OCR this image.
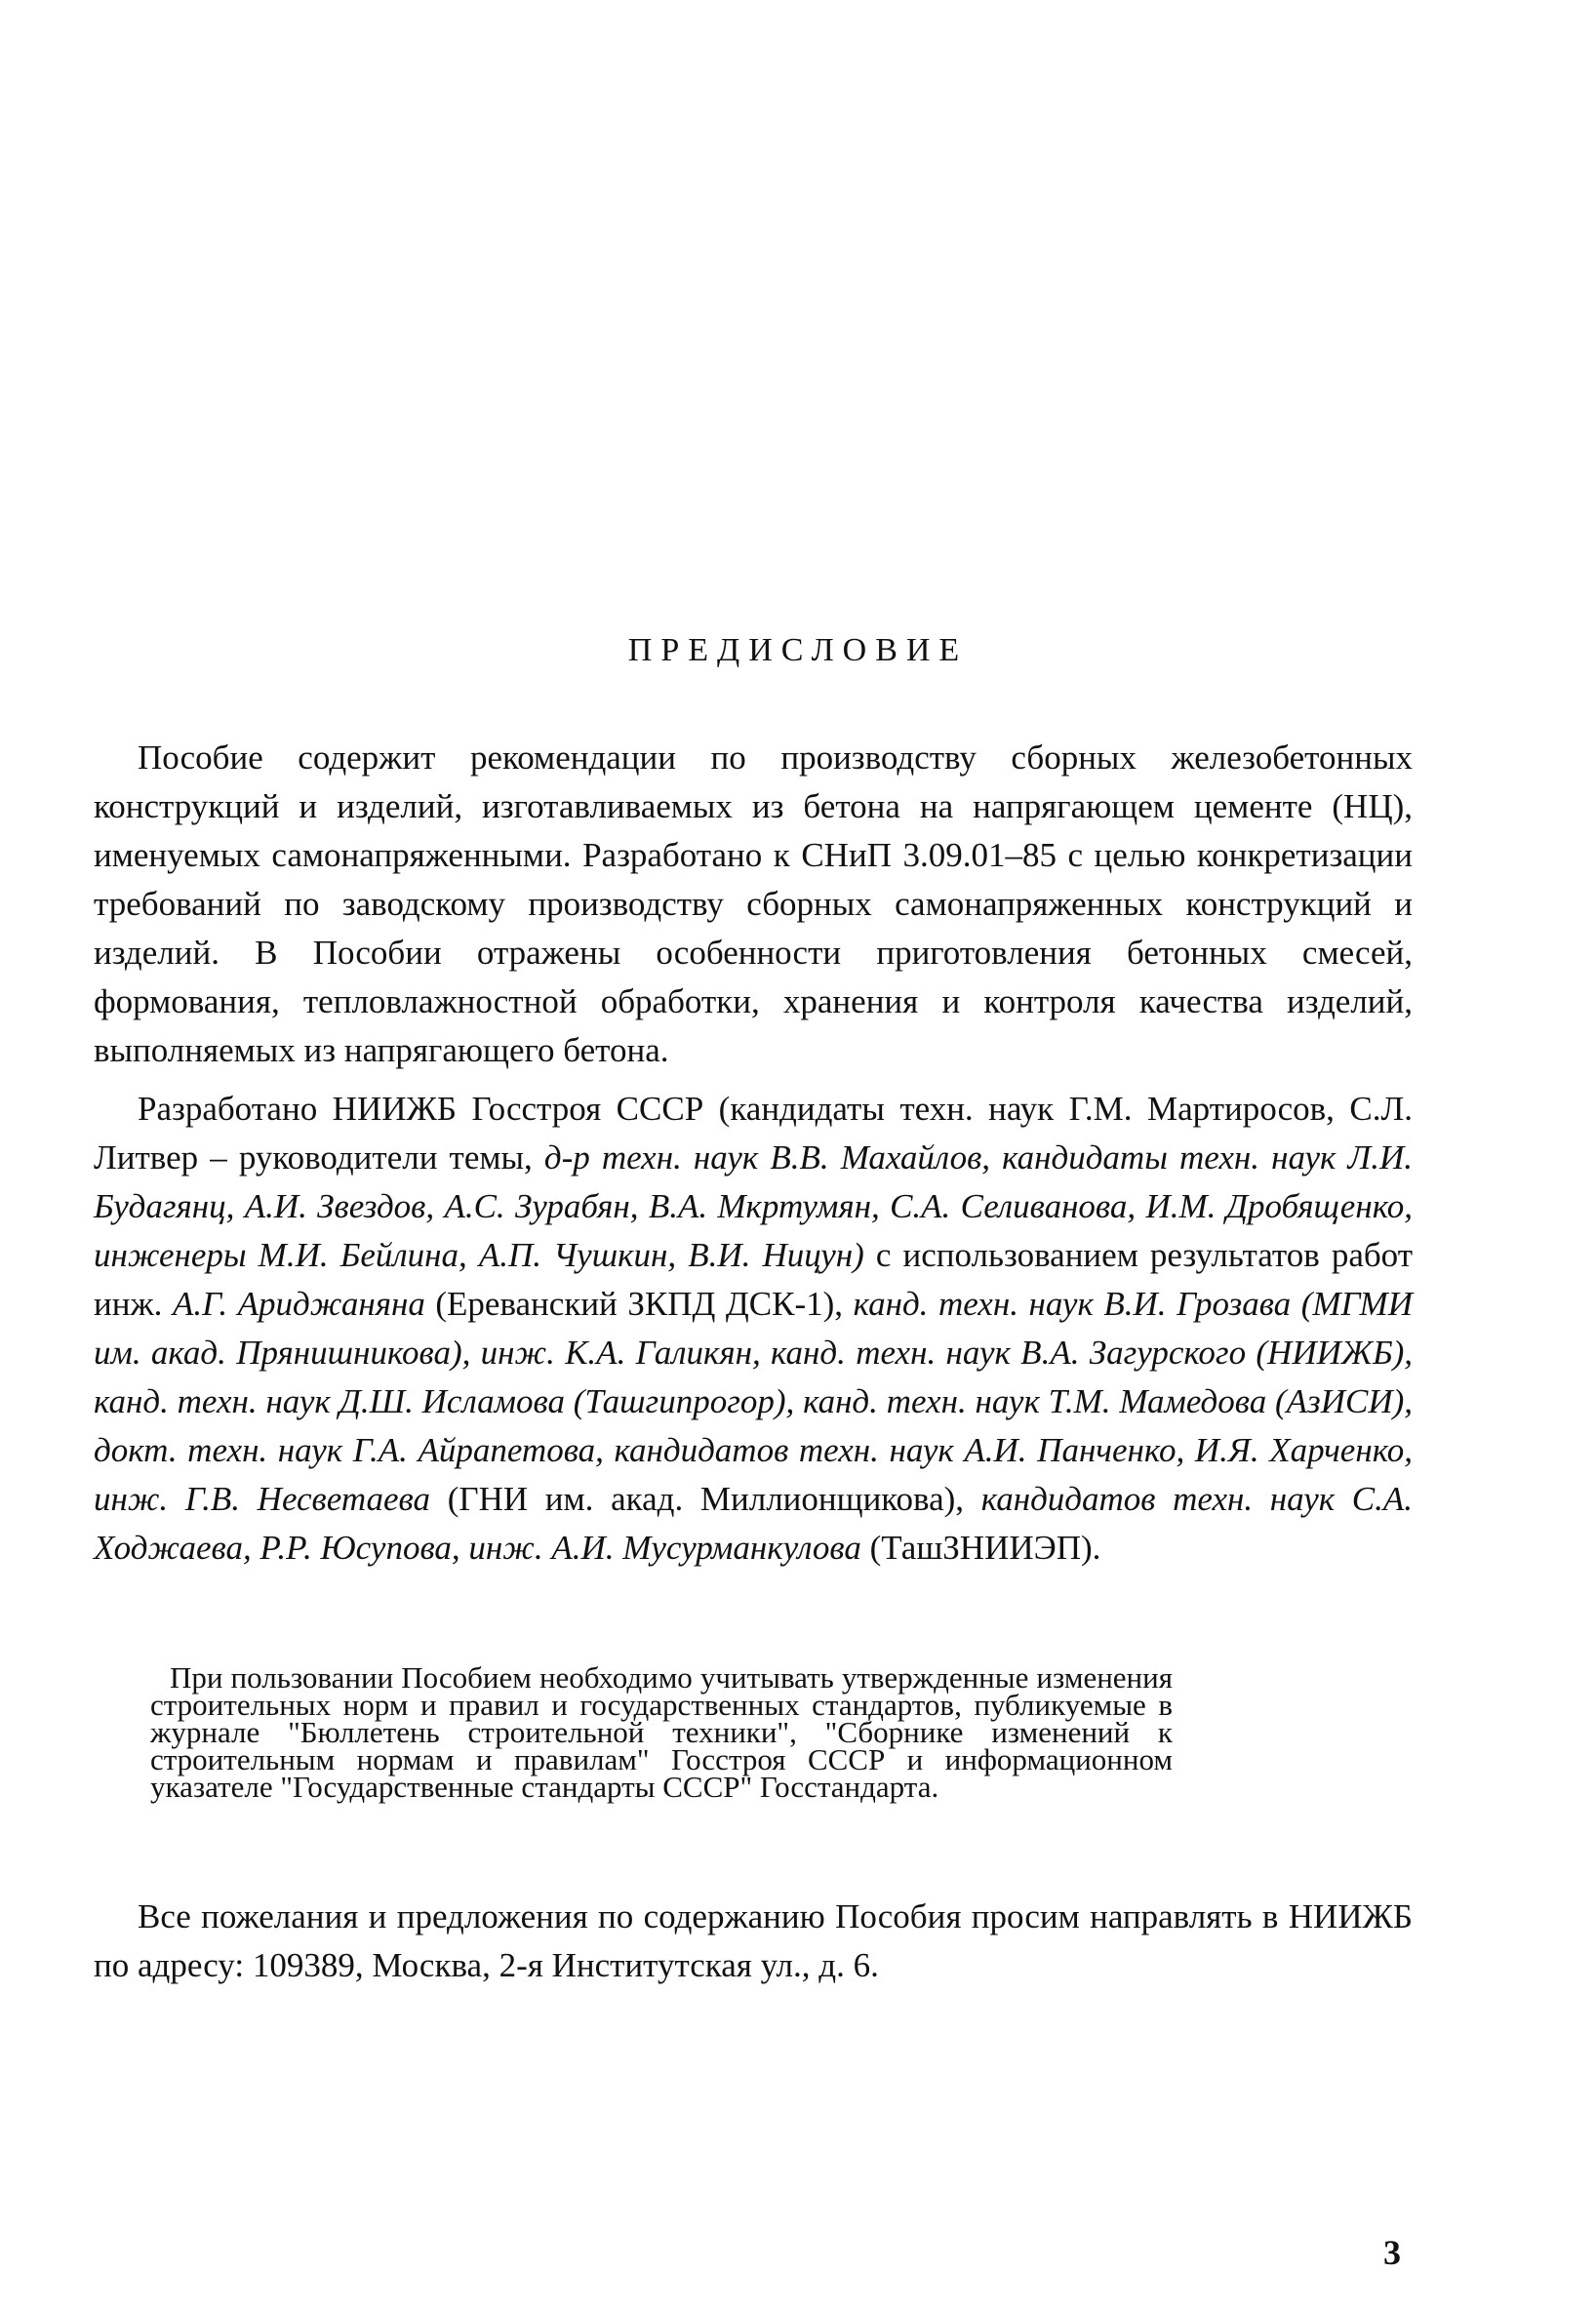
ПРЕДИСЛОВИЕ

Пособие содержит рекомендации по производству сборных железобетонных конструкций и изделий, изготавливаемых из бетона на напрягающем цементе (НЦ), именуемых самонапряженными. Разработано к СНиП 3.09.01–85 с целью конкретизации требований по заводскому производству сборных самонапряженных конструкций и изделий. В Пособии отражены особенности приготовления бетонных смесей, формования, тепловлажностной обработки, хранения и контроля качества изделий, выполняемых из напрягающего бетона.

Разработано НИИЖБ Госстроя СССР (кандидаты техн. наук Г.М. Мартиросов, С.Л. Литвер – руководители темы, д-р техн. наук В.В. Махайлов, кандидаты техн. наук Л.И. Будагянц, А.И. Звездов, А.С. Зурабян, В.А. Мкртумян, С.А. Селиванова, И.М. Дробященко, инженеры М.И. Бейлина, А.П. Чушкин, В.И. Ницун) с использованием результатов работ инж. А.Г. Ариджаняна (Ереванский ЗКПД ДСК-1), канд. техн. наук В.И. Грозава (МГМИ им. акад. Прянишникова), инж. К.А. Галикян, канд. техн. наук В.А. Загурского (НИИЖБ), канд. техн. наук Д.Ш. Исламова (Ташгипрогор), канд. техн. наук Т.М. Мамедова (АзИСИ), докт. техн. наук Г.А. Айрапетова, кандидатов техн. наук А.И. Панченко, И.Я. Харченко, инж. Г.В. Несветаева (ГНИ им. акад. Миллионщикова), кандидатов техн. наук С.А. Ходжаева, Р.Р. Юсупова, инж. А.И. Мусурманкулова (ТашЗНИИЭП).

При пользовании Пособием необходимо учитывать утвержденные изменения строительных норм и правил и государственных стандартов, публикуемые в журнале "Бюллетень строительной техники", "Сборнике изменений к строительным нормам и правилам" Госстроя СССР и информационном указателе "Государственные стандарты СССР" Госстандарта.

Все пожелания и предложения по содержанию Пособия просим направлять в НИИЖБ по адресу: 109389, Москва, 2-я Институтская ул., д. 6.

3
